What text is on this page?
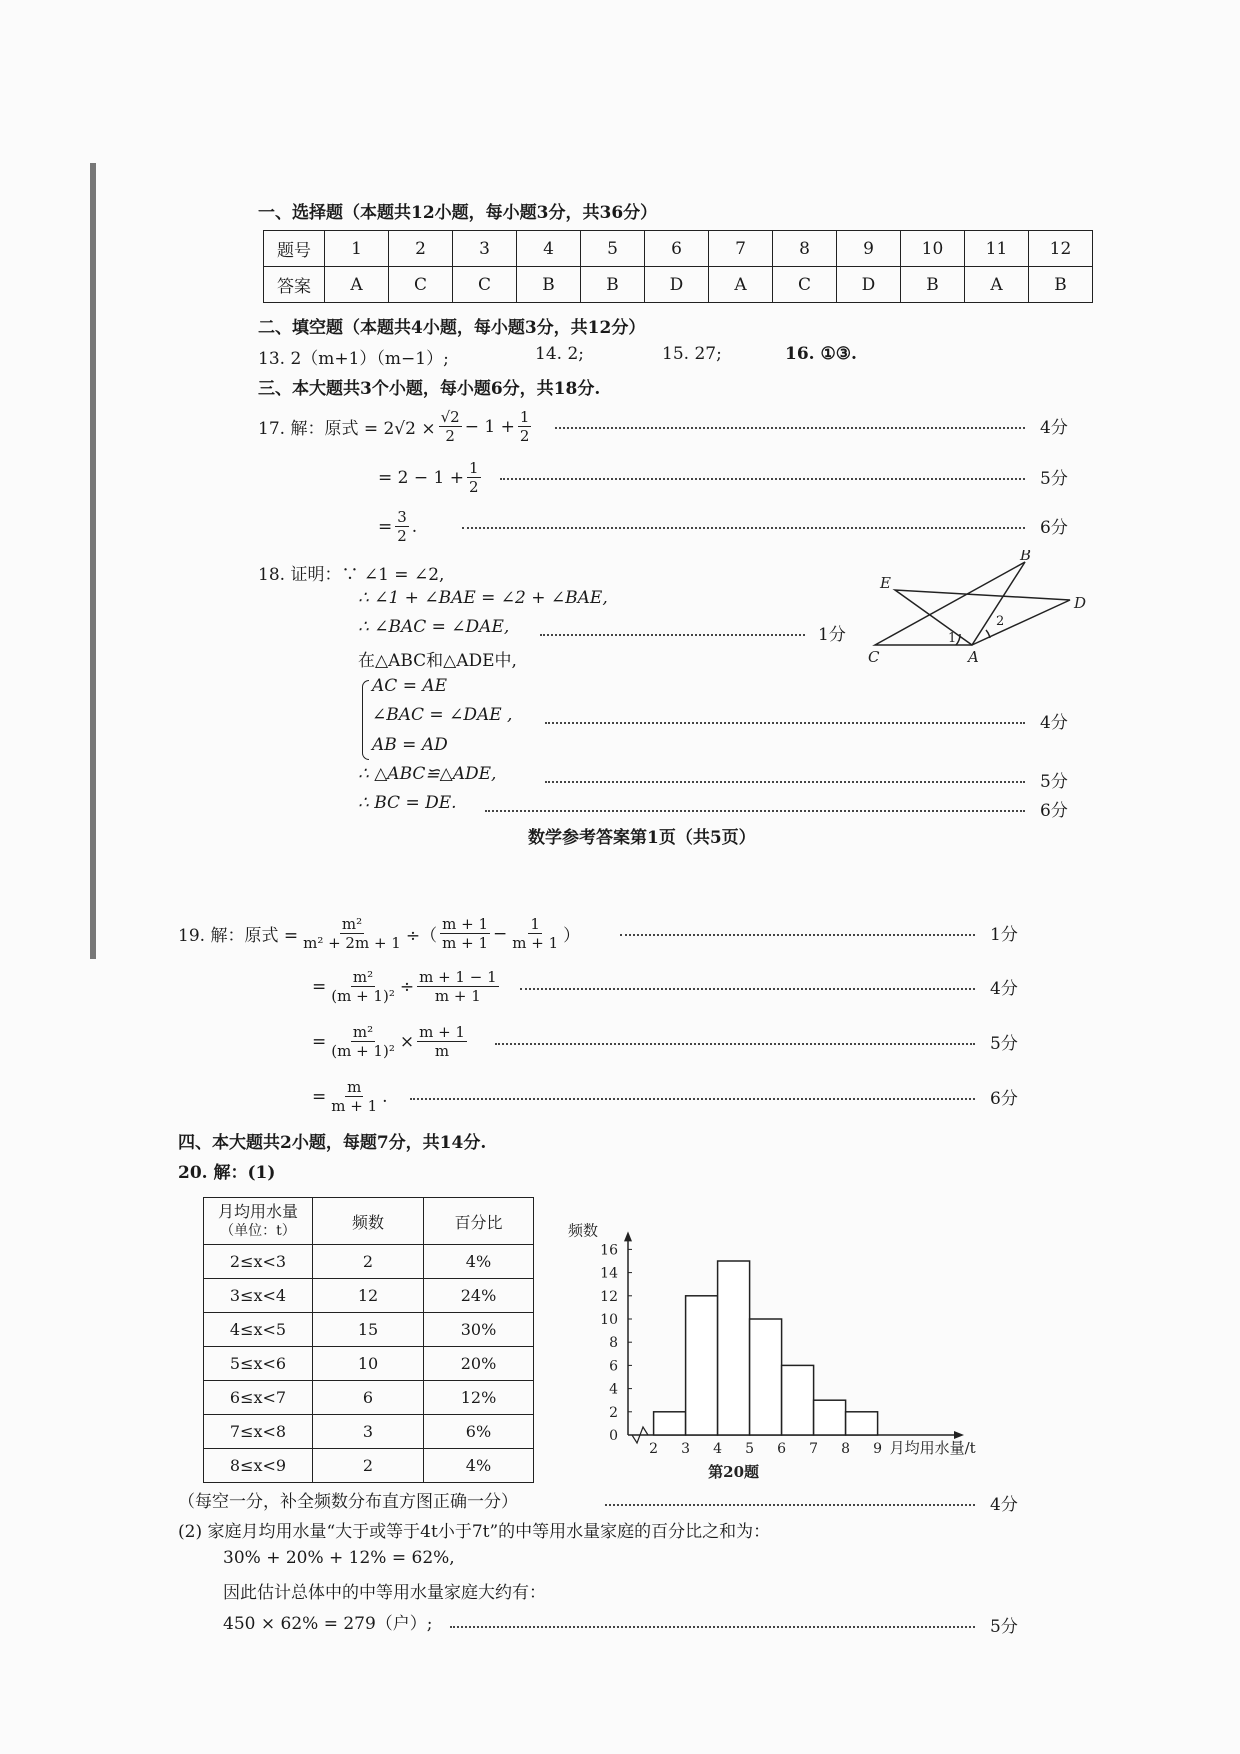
一、选择题（本题共12小题，每小题3分，共36分）
题号	1	2	3	4	5	6	7	8	9	10	11	12
答案	A	C	C	B	B	D	A	C	D	B	A	B
二、填空题（本题共4小题，每小题3分，共12分）
13. 2（m+1）（m−1）;	14. 2;	15. 27;	16. ①③.
三、本大题共3个小题，每小题6分，共18分.
17. 解：原式 = $2√2 \times \frac{√2}{2} - 1 + \frac{1}{2}$	4分
= $2 - 1 + \frac{1}{2}$	5分
= $\frac{3}{2}$ .	6分
18. 证明：∵ ∠1 = ∠2,
∴ ∠1 + ∠BAE = ∠2 + ∠BAE,
∴ ∠BAC = ∠DAE,	1分
在△ABC和△ADE中,
AC = AE
∠BAC = ∠DAE ,
AB = AD
4分
∴ △ABC≌△ADE,	5分
∴ BC = DE.	6分
B
E
D
C	A
1
2
数学参考答案第1页（共5页）
19. 解：原式 = $\frac{\text{m²}}{\text{m² + 2m + 1}}$ ÷（ $\frac{m + 1}{m + 1} - \frac{1}{m + 1}$ ）	1分
= $\frac{\text{m²}}{\text{(m + 1)²}} \div \frac{m + 1 - 1}{m + 1}$	4分
= $\frac{\text{m²}}{\text{(m + 1)²}} \times \frac{m + 1}{m}$	5分
= $\frac{m}{m + 1}$ .	6分
四、本大题共2小题，每题7分，共14分.
20. 解：(1)
月均用水量
（单位：t）	频数	百分比
2≤x<3	2	4%
3≤x<4	12	24%
4≤x<5	15	30%
5≤x<6	10	20%
6≤x<7	6	12%
7≤x<8	3	6%
8≤x<9	2	4%
0
2
4
6
8
10
12
14
16
2 3 4 5 6 7 8 9
频数
月均用水量/t
第20题
（每空一分，补全频数分布直方图正确一分）	4分
(2) 家庭月均用水量“大于或等于4t小于7t”的中等用水量家庭的百分比之和为：
30% + 20% + 12% = 62%,
因此估计总体中的中等用水量家庭大约有：
450 × 62% = 279（户）;	5分
